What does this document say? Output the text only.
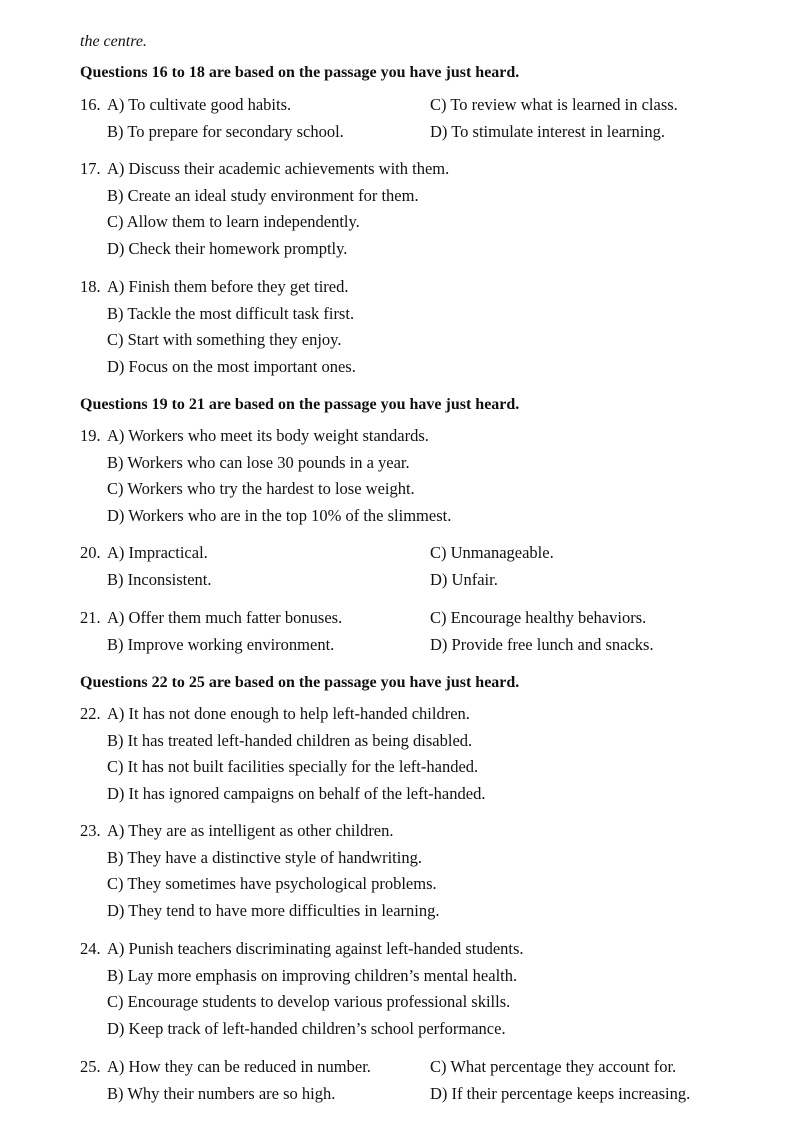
the centre.
Questions 16 to 18 are based on the passage you have just heard.
16. A) To cultivate good habits.	C) To review what is learned in class.
B) To prepare for secondary school.	D) To stimulate interest in learning.
17. A) Discuss their academic achievements with them.
B) Create an ideal study environment for them.
C) Allow them to learn independently.
D) Check their homework promptly.
18. A) Finish them before they get tired.
B) Tackle the most difficult task first.
C) Start with something they enjoy.
D) Focus on the most important ones.
Questions 19 to 21 are based on the passage you have just heard.
19. A) Workers who meet its body weight standards.
B) Workers who can lose 30 pounds in a year.
C) Workers who try the hardest to lose weight.
D) Workers who are in the top 10% of the slimmest.
20. A) Impractical.	C) Unmanageable.
B) Inconsistent.	D) Unfair.
21. A) Offer them much fatter bonuses.	C) Encourage healthy behaviors.
B) Improve working environment.	D) Provide free lunch and snacks.
Questions 22 to 25 are based on the passage you have just heard.
22. A) It has not done enough to help left-handed children.
B) It has treated left-handed children as being disabled.
C) It has not built facilities specially for the left-handed.
D) It has ignored campaigns on behalf of the left-handed.
23. A) They are as intelligent as other children.
B) They have a distinctive style of handwriting.
C) They sometimes have psychological problems.
D) They tend to have more difficulties in learning.
24. A) Punish teachers discriminating against left-handed students.
B) Lay more emphasis on improving children’s mental health.
C) Encourage students to develop various professional skills.
D) Keep track of left-handed children’s school performance.
25. A) How they can be reduced in number.	C) What percentage they account for.
B) Why their numbers are so high.	D) If their percentage keeps increasing.
